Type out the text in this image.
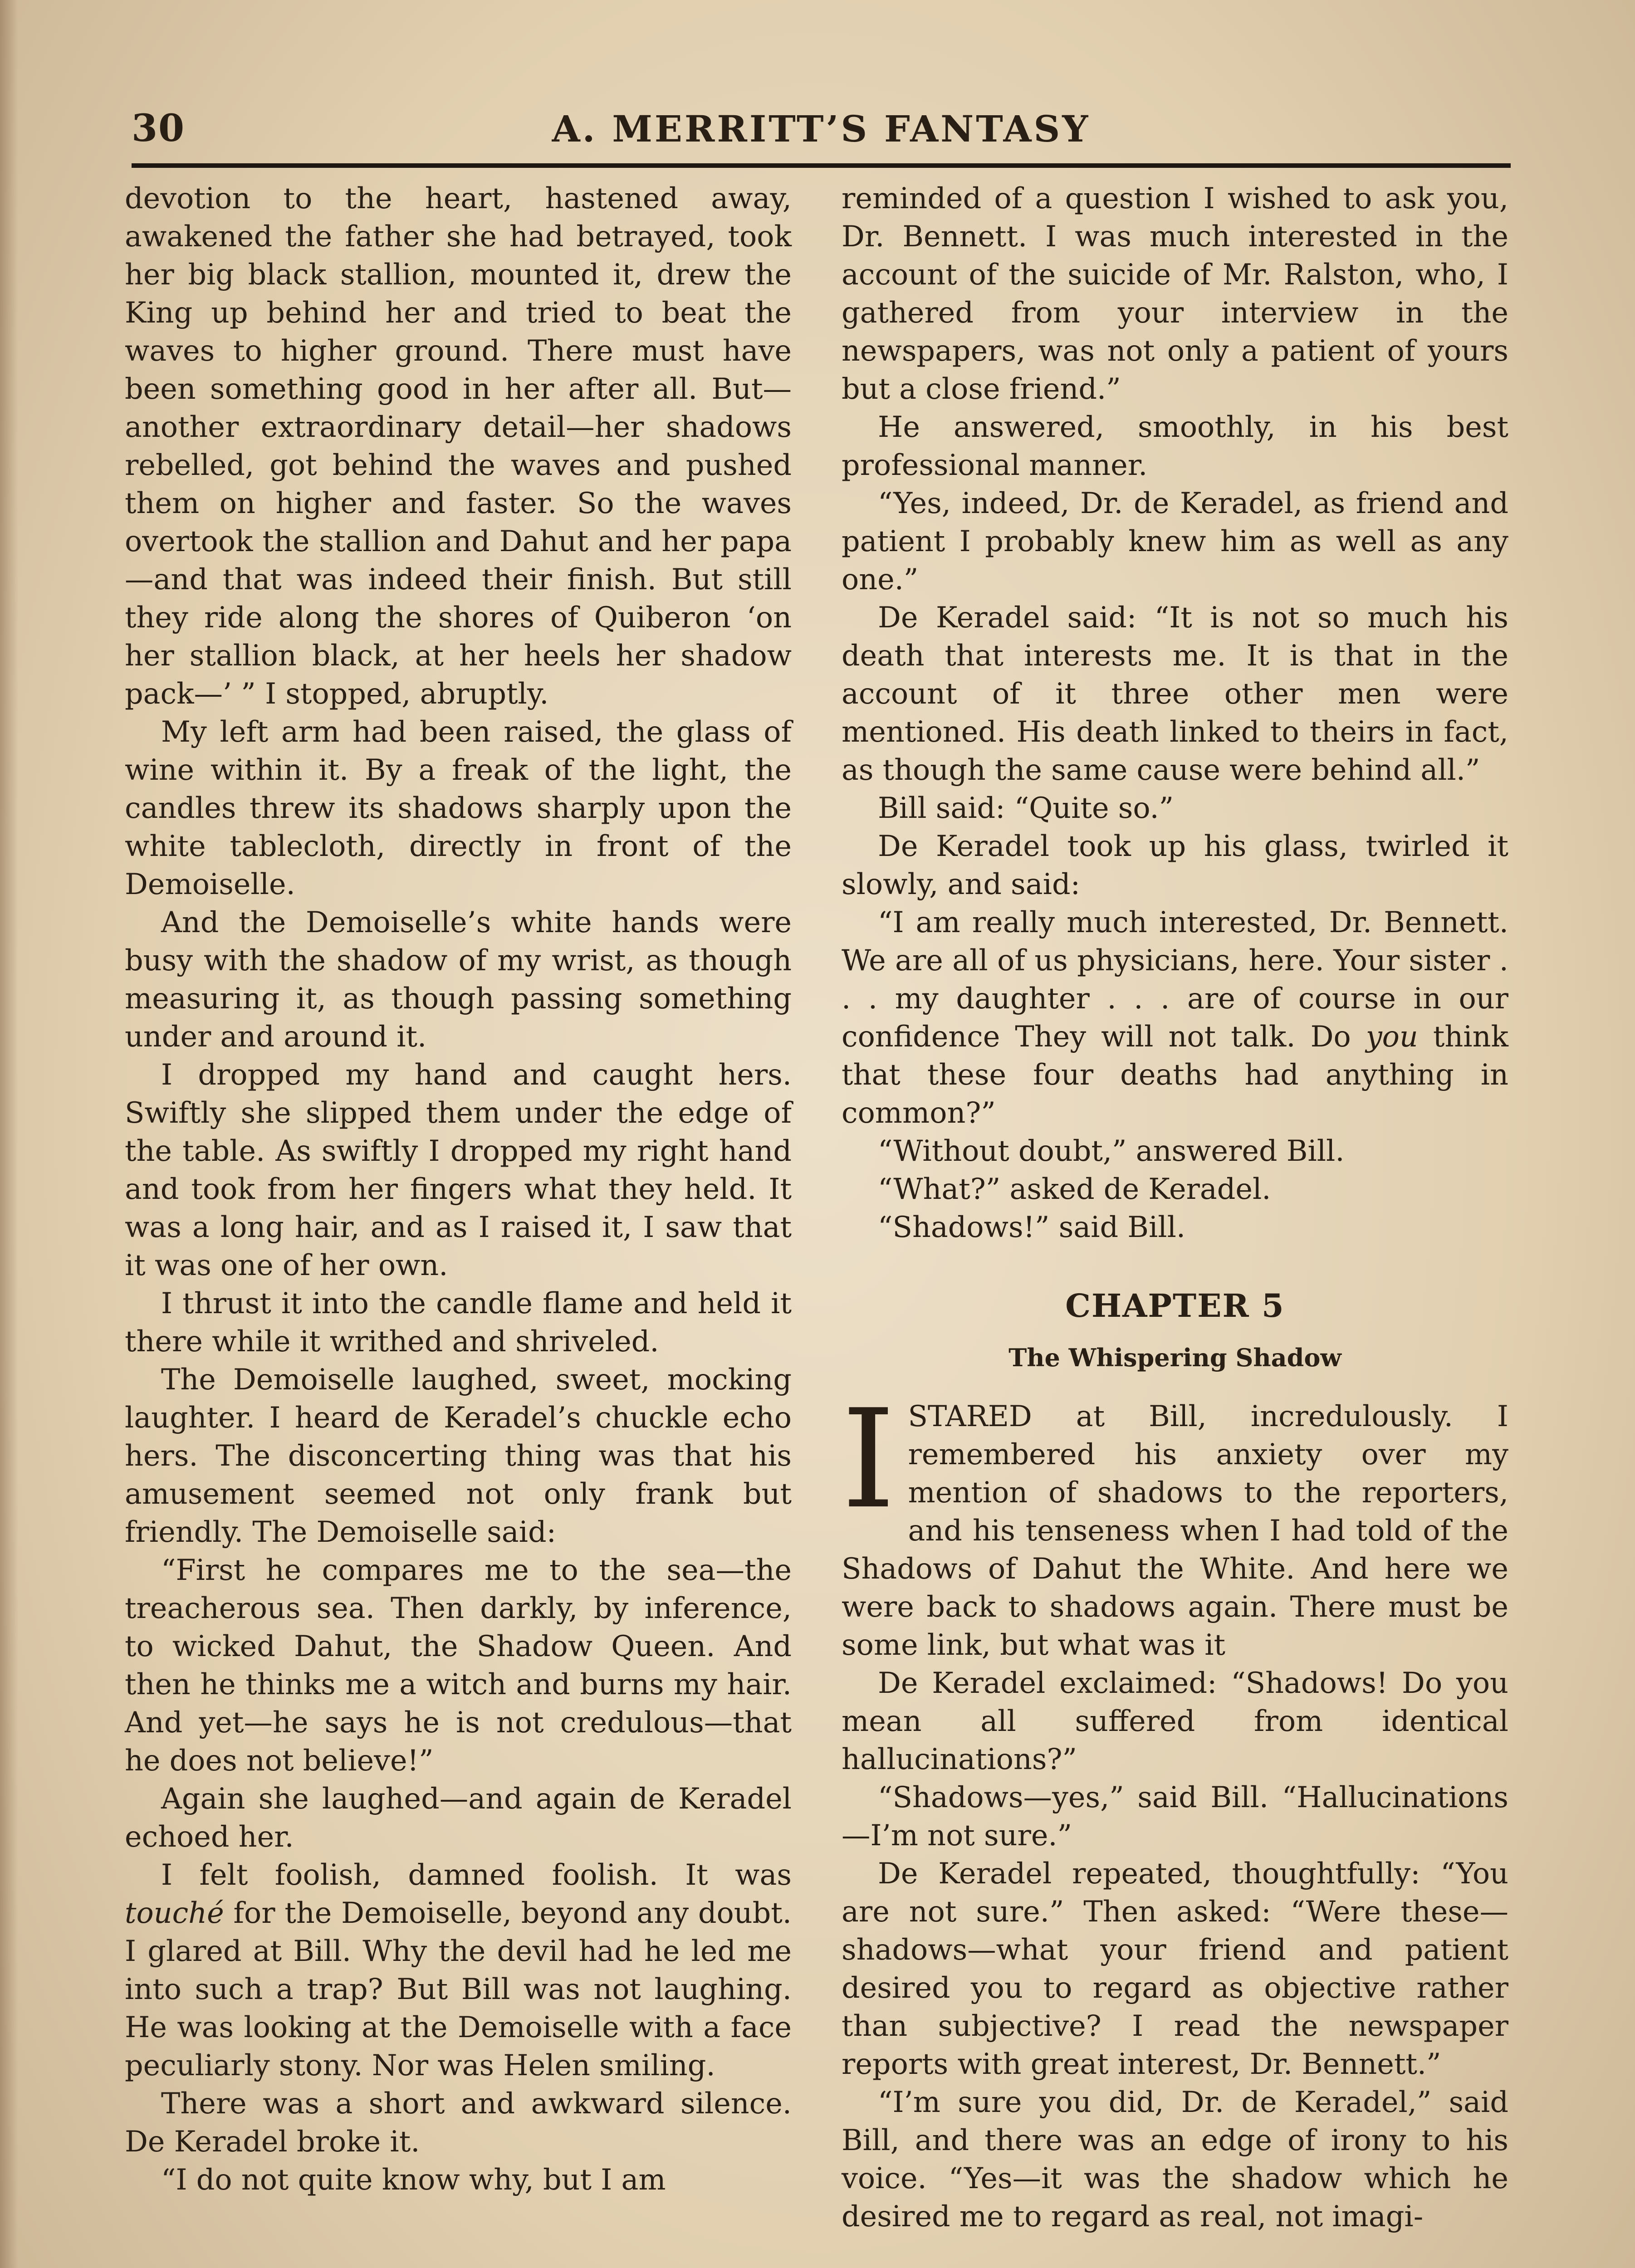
30	A. MERRITT’S FANTASY

devotion to the heart, hastened away, awakened the father she had betrayed, took her big black stallion, mounted it, drew the King up behind her and tried to beat the waves to higher ground. There must have been something good in her after all. But—another extraordinary detail—her shadows rebelled, got behind the waves and pushed them on higher and faster. So the waves overtook the stallion and Dahut and her papa—and that was indeed their finish. But still they ride along the shores of Quiberon ‘on her stallion black, at her heels her shadow pack—’ ” I stopped, abruptly.

My left arm had been raised, the glass of wine within it. By a freak of the light, the candles threw its shadows sharply upon the white tablecloth, directly in front of the Demoiselle.

And the Demoiselle’s white hands were busy with the shadow of my wrist, as though measuring it, as though passing something under and around it.

I dropped my hand and caught hers. Swiftly she slipped them under the edge of the table. As swiftly I dropped my right hand and took from her fingers what they held. It was a long hair, and as I raised it, I saw that it was one of her own.

I thrust it into the candle flame and held it there while it writhed and shriveled.

The Demoiselle laughed, sweet, mocking laughter. I heard de Keradel’s chuckle echo hers. The disconcerting thing was that his amusement seemed not only frank but friendly. The Demoiselle said:

“First he compares me to the sea—the treacherous sea. Then darkly, by inference, to wicked Dahut, the Shadow Queen. And then he thinks me a witch and burns my hair. And yet—he says he is not credulous—that he does not believe!”

Again she laughed—and again de Keradel echoed her.

I felt foolish, damned foolish. It was touché for the Demoiselle, beyond any doubt. I glared at Bill. Why the devil had he led me into such a trap? But Bill was not laughing. He was looking at the Demoiselle with a face peculiarly stony. Nor was Helen smiling.

There was a short and awkward silence. De Keradel broke it.

“I do not quite know why, but I am

reminded of a question I wished to ask you, Dr. Bennett. I was much interested in the account of the suicide of Mr. Ralston, who, I gathered from your interview in the newspapers, was not only a patient of yours but a close friend.”

He answered, smoothly, in his best professional manner.

“Yes, indeed, Dr. de Keradel, as friend and patient I probably knew him as well as any one.”

De Keradel said: “It is not so much his death that interests me. It is that in the account of it three other men were mentioned. His death linked to theirs in fact, as though the same cause were behind all.”

Bill said: “Quite so.”

De Keradel took up his glass, twirled it slowly, and said:

“I am really much interested, Dr. Bennett. We are all of us physicians, here. Your sister . . . my daughter . . . are of course in our confidence They will not talk. Do you think that these four deaths had anything in common?”

“Without doubt,” answered Bill.

“What?” asked de Keradel.

“Shadows!” said Bill.

CHAPTER 5
The Whispering Shadow

I STARED at Bill, incredulously. I remembered his anxiety over my mention of shadows to the reporters, and his tenseness when I had told of the Shadows of Dahut the White. And here we were back to shadows again. There must be some link, but what was it

De Keradel exclaimed: “Shadows! Do you mean all suffered from identical hallucinations?”

“Shadows—yes,” said Bill. “Hallucinations—I’m not sure.”

De Keradel repeated, thoughtfully: “You are not sure.” Then asked: “Were these—shadows—what your friend and patient desired you to regard as objective rather than subjective? I read the newspaper reports with great interest, Dr. Bennett.”

“I’m sure you did, Dr. de Keradel,” said Bill, and there was an edge of irony to his voice. “Yes—it was the shadow which he desired me to regard as real, not imagi-
